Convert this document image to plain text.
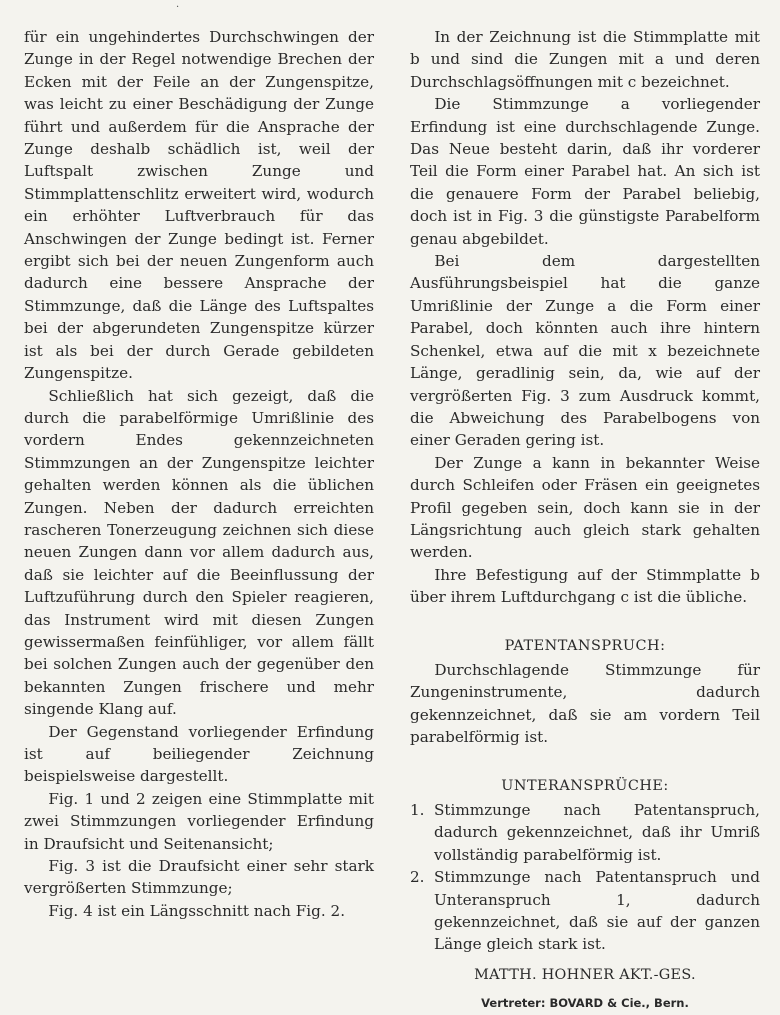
·

für ein ungehindertes Durchschwingen der Zunge in der Regel notwendige Brechen der Ecken mit der Feile an der Zungenspitze, was leicht zu einer Beschädigung der Zunge führt und außerdem für die Ansprache der Zunge deshalb schädlich ist, weil der Luftspalt zwischen Zunge und Stimmplattenschlitz erweitert wird, wodurch ein erhöhter Luftverbrauch für das Anschwingen der Zunge bedingt ist. Ferner ergibt sich bei der neuen Zungenform auch dadurch eine bessere Ansprache der Stimmzunge, daß die Länge des Luftspaltes bei der abgerundeten Zungenspitze kürzer ist als bei der durch Gerade gebildeten Zungenspitze.

Schließlich hat sich gezeigt, daß die durch die parabelförmige Umrißlinie des vordern Endes gekennzeichneten Stimmzungen an der Zungenspitze leichter gehalten werden können als die üblichen Zungen. Neben der dadurch erreichten rascheren Tonerzeugung zeichnen sich diese neuen Zungen dann vor allem dadurch aus, daß sie leichter auf die Beeinflussung der Luftzuführung durch den Spieler reagieren, das Instrument wird mit diesen Zungen gewissermaßen feinfühliger, vor allem fällt bei solchen Zungen auch der gegenüber den bekannten Zungen frischere und mehr singende Klang auf.

Der Gegenstand vorliegender Erfindung ist auf beiliegender Zeichnung beispielsweise dargestellt.

Fig. 1 und 2 zeigen eine Stimmplatte mit zwei Stimmzungen vorliegender Erfindung in Draufsicht und Seitenansicht;

Fig. 3 ist die Draufsicht einer sehr stark vergrößerten Stimmzunge;

Fig. 4 ist ein Längsschnitt nach Fig. 2.

In der Zeichnung ist die Stimmplatte mit b und sind die Zungen mit a und deren Durchschlagsöffnungen mit c bezeichnet.

Die Stimmzunge a vorliegender Erfindung ist eine durchschlagende Zunge. Das Neue besteht darin, daß ihr vorderer Teil die Form einer Parabel hat. An sich ist die genauere Form der Parabel beliebig, doch ist in Fig. 3 die günstigste Parabelform genau abgebildet.

Bei dem dargestellten Ausführungsbeispiel hat die ganze Umrißlinie der Zunge a die Form einer Parabel, doch könnten auch ihre hintern Schenkel, etwa auf die mit x bezeichnete Länge, geradlinig sein, da, wie auf der vergrößerten Fig. 3 zum Ausdruck kommt, die Abweichung des Parabelbogens von einer Geraden gering ist.

Der Zunge a kann in bekannter Weise durch Schleifen oder Fräsen ein geeignetes Profil gegeben sein, doch kann sie in der Längsrichtung auch gleich stark gehalten werden.

Ihre Befestigung auf der Stimmplatte b über ihrem Luftdurchgang c ist die übliche.

PATENTANSPRUCH:

Durchschlagende Stimmzunge für Zungeninstrumente, dadurch gekennzeichnet, daß sie am vordern Teil parabelförmig ist.

UNTERANSPRÜCHE:

1. Stimmzunge nach Patentanspruch, dadurch gekennzeichnet, daß ihr Umriß vollständig parabelförmig ist.
2. Stimmzunge nach Patentanspruch und Unteranspruch 1, dadurch gekennzeichnet, daß sie auf der ganzen Länge gleich stark ist.

MATTH. HOHNER AKT.-GES.

Vertreter: BOVARD & Cie., Bern.
